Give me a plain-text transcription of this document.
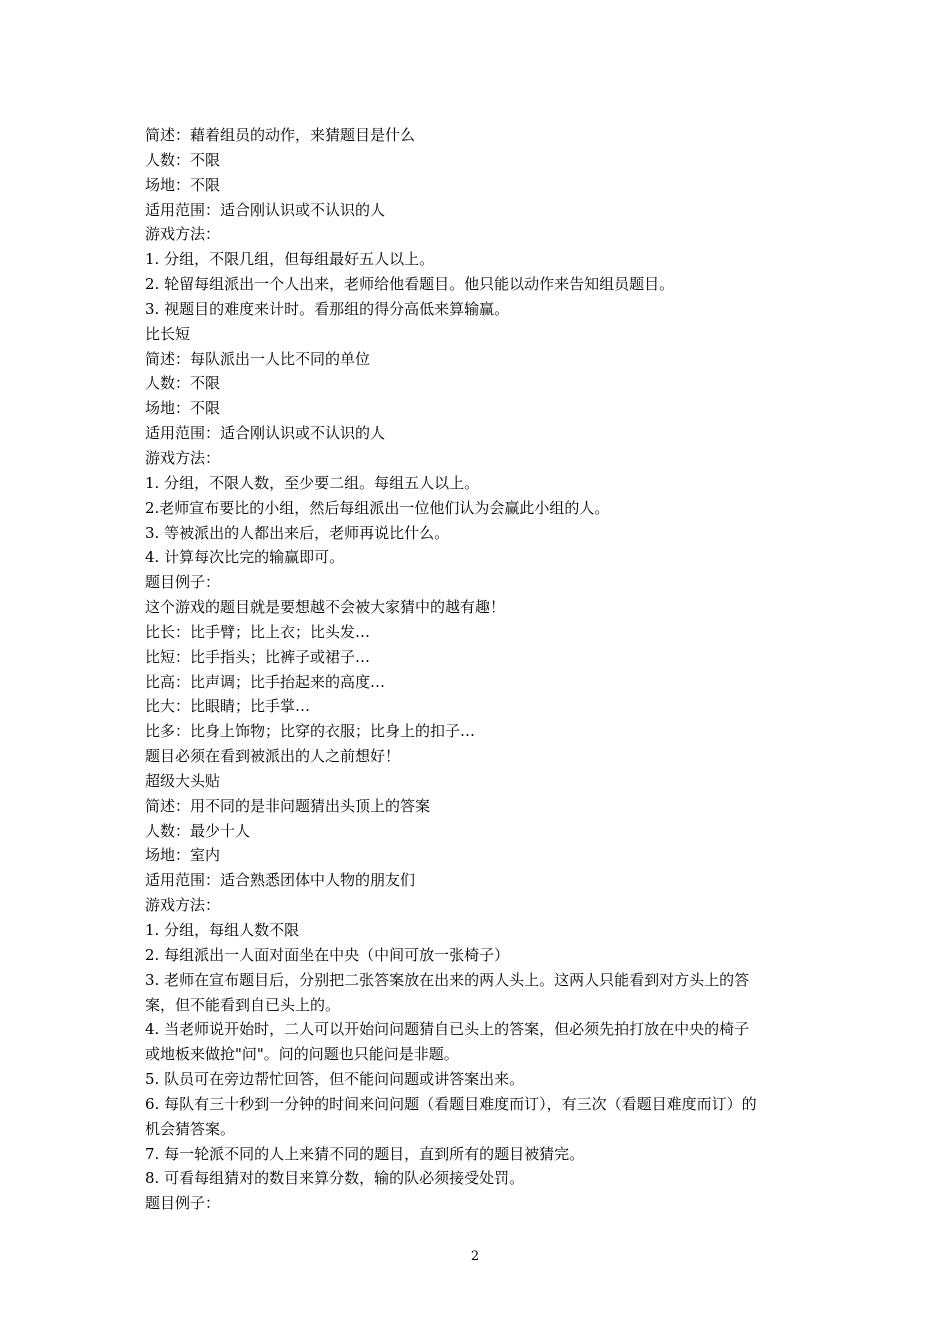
简述：藉着组员的动作，来猜题目是什么

人数：不限

场地：不限

适用范围：适合刚认识或不认识的人

游戏方法：

1. 分组，不限几组，但每组最好五人以上。

2. 轮留每组派出一个人出来，老师给他看题目。他只能以动作来告知组员题目。

3. 视题目的难度来计时。看那组的得分高低来算输赢。

比长短

简述：每队派出一人比不同的单位

人数：不限

场地：不限

适用范围：适合刚认识或不认识的人

游戏方法：

1. 分组，不限人数，至少要二组。每组五人以上。

2.老师宣布要比的小组，然后每组派出一位他们认为会赢此小组的人。

3. 等被派出的人都出来后，老师再说比什么。

4. 计算每次比完的输赢即可。

题目例子：

这个游戏的题目就是要想越不会被大家猜中的越有趣！

比长：比手臂；比上衣；比头发…

比短：比手指头；比裤子或裙子…

比高：比声调；比手抬起来的高度…

比大：比眼睛；比手掌…

比多：比身上饰物；比穿的衣服；比身上的扣子…

题目必须在看到被派出的人之前想好！

超级大头贴

简述：用不同的是非问题猜出头顶上的答案

人数：最少十人

场地：室内

适用范围：适合熟悉团体中人物的朋友们

游戏方法：

1. 分组，每组人数不限

2. 每组派出一人面对面坐在中央（中间可放一张椅子）

3. 老师在宣布题目后，分别把二张答案放在出来的两人头上。这两人只能看到对方头上的答

案，但不能看到自已头上的。

4. 当老师说开始时，二人可以开始问问题猜自已头上的答案，但必须先拍打放在中央的椅子

或地板来做抢"问"。问的问题也只能问是非题。

5. 队员可在旁边帮忙回答，但不能问问题或讲答案出来。

6. 每队有三十秒到一分钟的时间来问问题（看题目难度而订），有三次（看题目难度而订）的

机会猜答案。

7. 每一轮派不同的人上来猜不同的题目，直到所有的题目被猜完。

8. 可看每组猜对的数目来算分数，输的队必须接受处罚。

题目例子：

2
